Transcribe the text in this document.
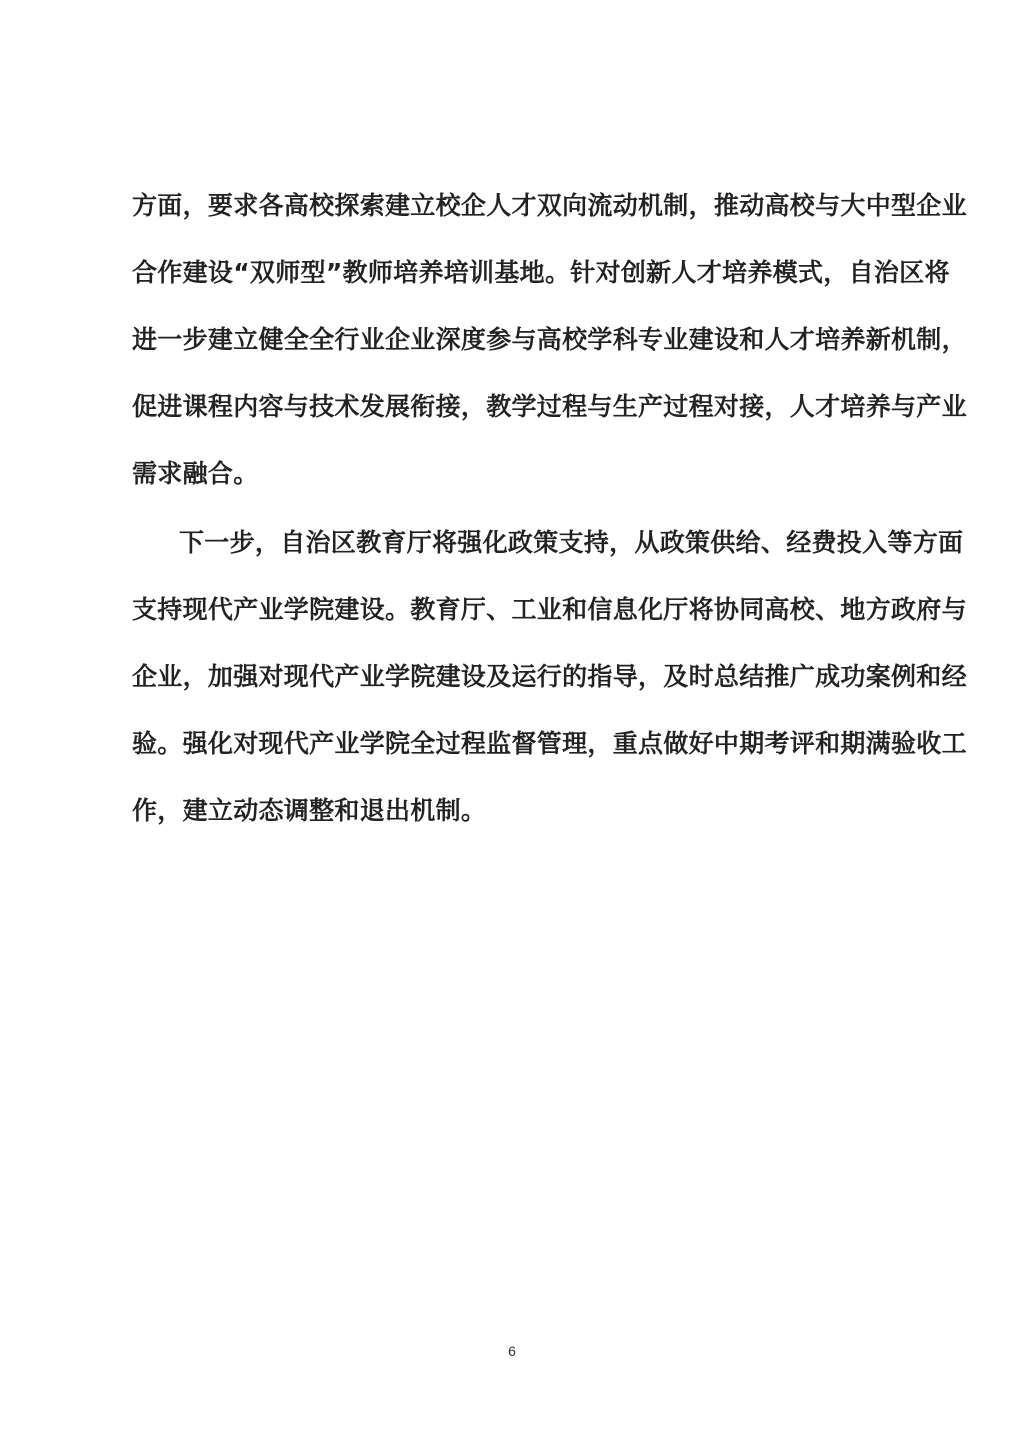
方面，要求各高校探索建立校企人才双向流动机制，推动高校与大中型企业
合作建设“双师型”教师培养培训基地。针对创新人才培养模式，自治区将
进一步建立健全全行业企业深度参与高校学科专业建设和人才培养新机制，
促进课程内容与技术发展衔接，教学过程与生产过程对接，人才培养与产业
需求融合。
下一步，自治区教育厅将强化政策支持，从政策供给、经费投入等方面
支持现代产业学院建设。教育厅、工业和信息化厅将协同高校、地方政府与
企业，加强对现代产业学院建设及运行的指导，及时总结推广成功案例和经
验。强化对现代产业学院全过程监督管理，重点做好中期考评和期满验收工
作，建立动态调整和退出机制。
6
